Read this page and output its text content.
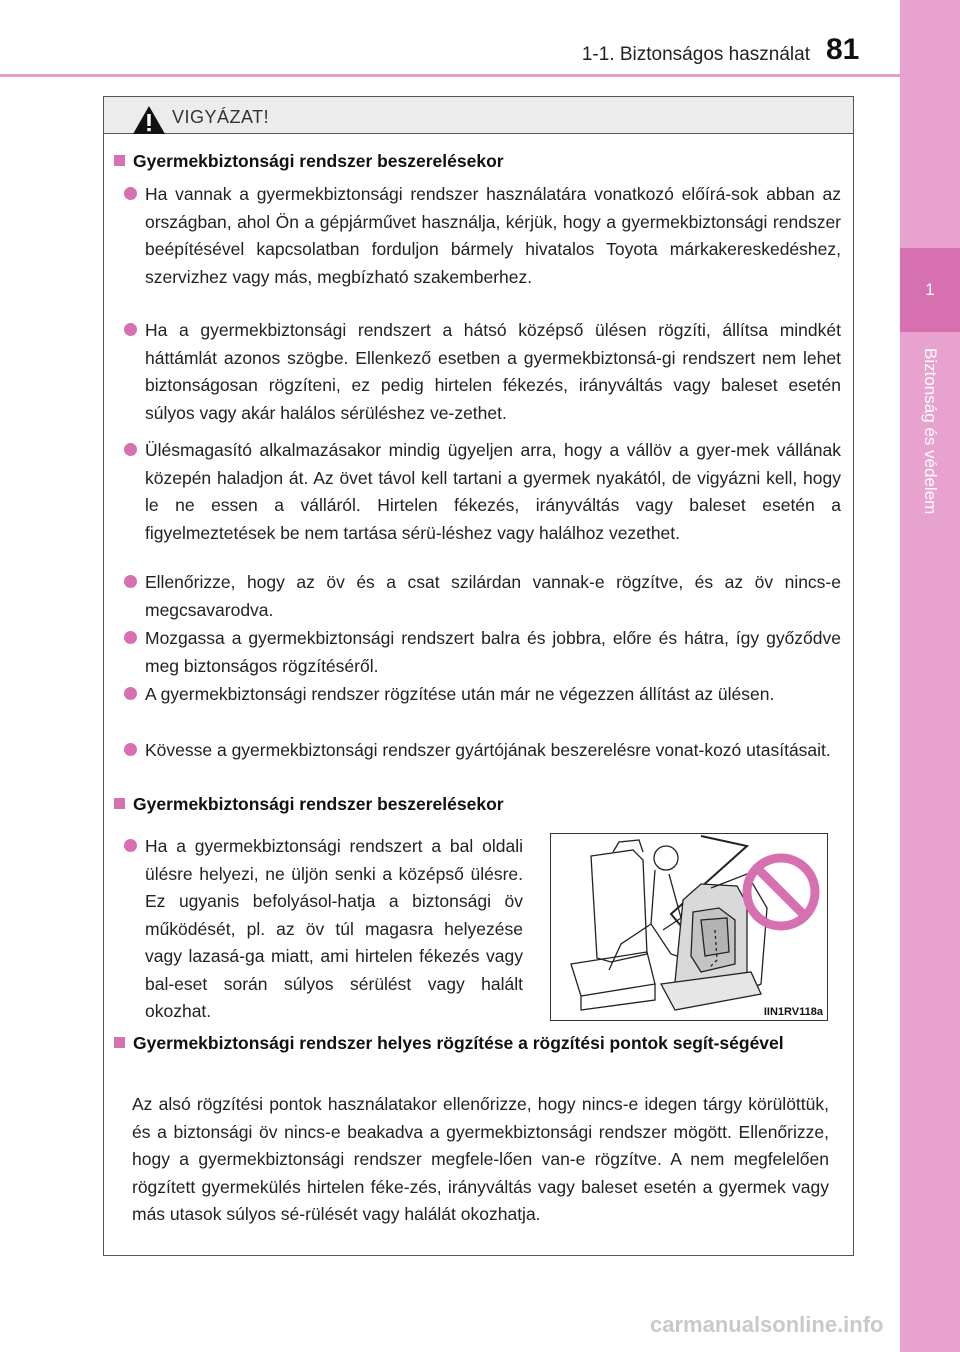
1
Biztonság és védelem
1-1. Biztonságos használat 81
VIGYÁZAT!
Gyermekbiztonsági rendszer beszerelésekor
Ha vannak a gyermekbiztonsági rendszer használatára vonatkozó előírá-sok abban az országban, ahol Ön a gépjárművet használja, kérjük, hogy a gyermekbiztonsági rendszer beépítésével kapcsolatban forduljon bármely hivatalos Toyota márkakereskedéshez, szervizhez vagy más, megbízható szakemberhez.
Ha a gyermekbiztonsági rendszert a hátsó középső ülésen rögzíti, állítsa mindkét háttámlát azonos szögbe. Ellenkező esetben a gyermekbiztonsá-gi rendszert nem lehet biztonságosan rögzíteni, ez pedig hirtelen fékezés, irányváltás vagy baleset esetén súlyos vagy akár halálos sérüléshez ve-zethet.
Ülésmagasító alkalmazásakor mindig ügyeljen arra, hogy a vállöv a gyer-mek vállának közepén haladjon át. Az övet távol kell tartani a gyermek nyakától, de vigyázni kell, hogy le ne essen a válláról. Hirtelen fékezés, irányváltás vagy baleset esetén a figyelmeztetések be nem tartása sérü-léshez vagy halálhoz vezethet.
Ellenőrizze, hogy az öv és a csat szilárdan vannak-e rögzítve, és az öv nincs-e megcsavarodva.
Mozgassa a gyermekbiztonsági rendszert balra és jobbra, előre és hátra, így győződve meg biztonságos rögzítéséről.
A gyermekbiztonsági rendszer rögzítése után már ne végezzen állítást az ülésen.
Kövesse a gyermekbiztonsági rendszer gyártójának beszerelésre vonat-kozó utasításait.
Gyermekbiztonsági rendszer beszerelésekor
Ha a gyermekbiztonsági rendszert a bal oldali ülésre helyezi, ne üljön senki a középső ülésre. Ez ugyanis befolyásol-hatja a biztonsági öv működését, pl. az öv túl magasra helyezése vagy lazasá-ga miatt, ami hirtelen fékezés vagy bal-eset során súlyos sérülést vagy halált okozhat.
Gyermekbiztonsági rendszer helyes rögzítése a rögzítési pontok segít-ségével
Az alsó rögzítési pontok használatakor ellenőrizze, hogy nincs-e idegen tárgy körülöttük, és a biztonsági öv nincs-e beakadva a gyermekbiztonsági rendszer mögött. Ellenőrizze, hogy a gyermekbiztonsági rendszer megfele-lően van-e rögzítve. A nem megfelelően rögzített gyermekülés hirtelen féke-zés, irányváltás vagy baleset esetén a gyermek vagy más utasok súlyos sé-rülését vagy halálát okozhatja.
IIN1RV118a
carmanualsonline.info
